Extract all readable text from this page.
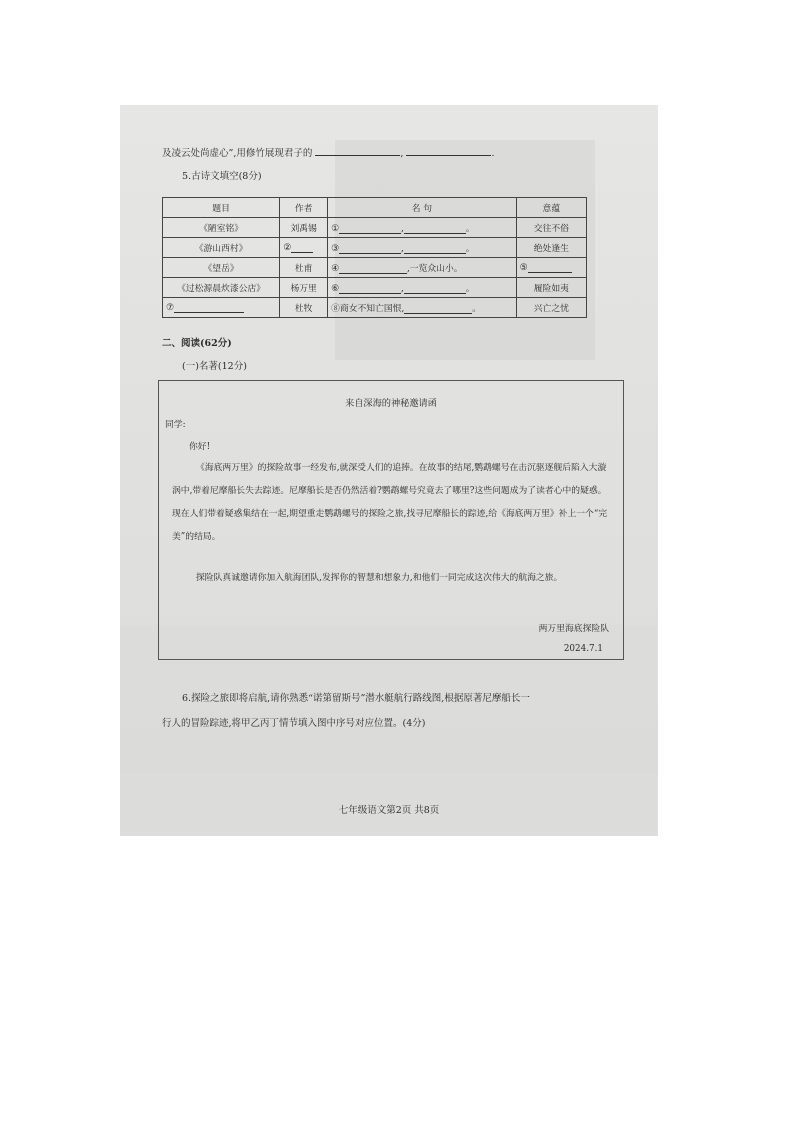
及凌云处尚虚心”,用修竹展现君子的	,	.
5.古诗文填空(8分)
题目	作者	名 句	意蕴
《陋室铭》	刘禹锡	① , 。	交往不俗
《游山西村》	②	③ , 。	绝处逢生
《望岳》	杜甫	④ ,一览众山小。	⑤
《过松源晨炊漆公店》	杨万里	⑥ , 。	履险如夷
⑦	杜牧	⑧商女不知亡国恨, 。	兴亡之忧
二、阅读(62分)
(一)名著(12分)
来自深海的神秘邀请函
同学:
你好!
《海底两万里》的探险故事一经发布,就深受人们的追捧。在故事的结尾,鹦鹉螺号在击沉驱逐舰后陷入大漩涡中,带着尼摩船长失去踪迹。尼摩船长是否仍然活着?鹦鹉螺号究竟去了哪里?这些问题成为了读者心中的疑惑。现在人们带着疑惑集结在一起,期望重走鹦鹉螺号的探险之旅,找寻尼摩船长的踪迹,给《海底两万里》补上一个“完美”的结局。
探险队真诚邀请你加入航海团队,发挥你的智慧和想象力,和他们一同完成这次伟大的航海之旅。
两万里海底探险队
2024.7.1
6.探险之旅即将启航,请你熟悉“诺第留斯号”潜水艇航行路线图,根据原著尼摩船长一
行人的冒险踪迹,将甲乙丙丁情节填入图中序号对应位置。(4分)
七年级语文第2页 共8页
